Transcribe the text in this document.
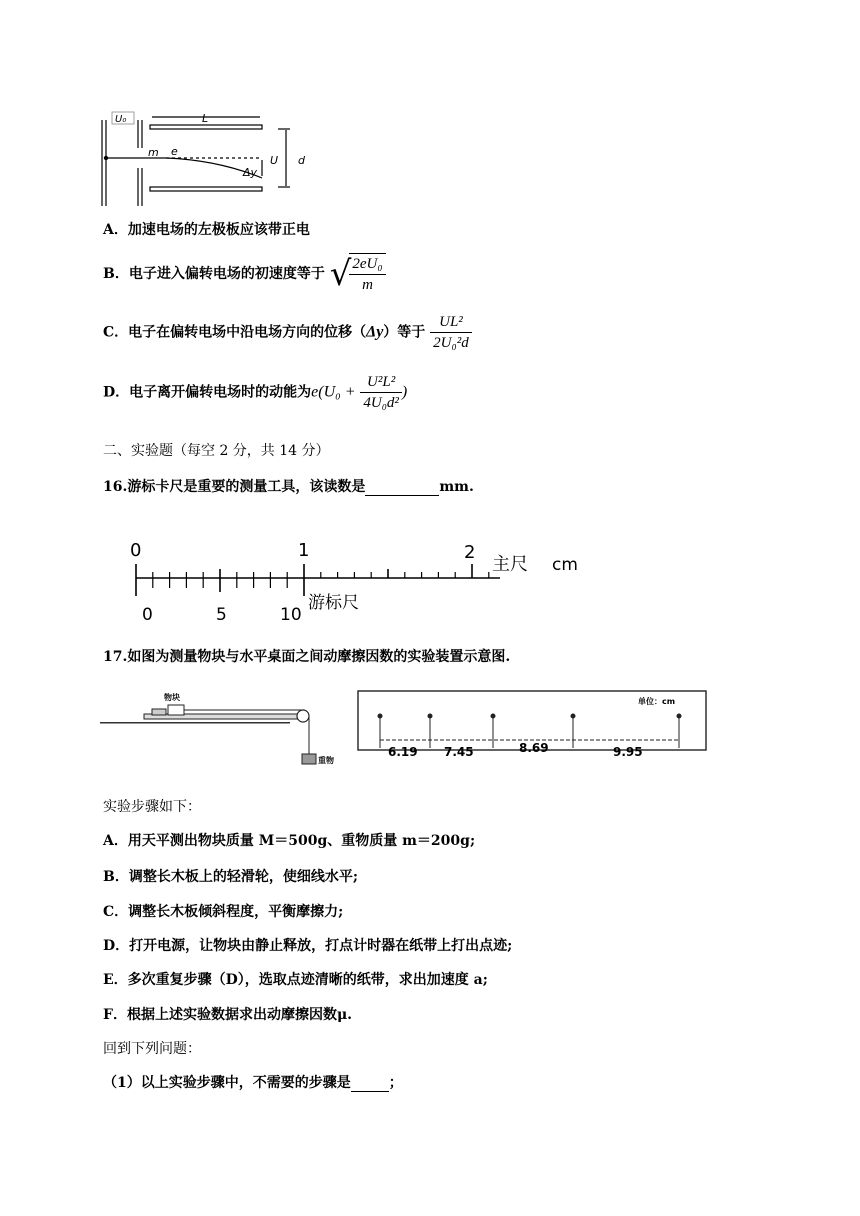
U₀	L
m e
U
Δy
d
A．加速电场的左极板应该带正电
B．电子进入偏转电场的初速度等于 √
$\frac{\text{2eU₀}}{m}$
C．电子在偏转电场中沿电场方向的位移（Δy）等于 $\frac{\text{UL²}}{\text{2U₀²d}}$
D．电子离开偏转电场时的动能为$e(U_0 + \frac{\text{U²L²}}{\text{4U₀d²}}$ )
二、实验题（每空 2 分，共 14 分）
16.游标卡尺是重要的测量工具，该读数是	mm.
0	1	2
主尺 cm
0	5	10
游标尺
17.如图为测量物块与水平桌面之间动摩擦因数的实验装置示意图.
物块
重物
单位：cm
6.19 7.45	8.69	9.95
实验步骤如下：
A．用天平测出物块质量 M＝500g、重物质量 m＝200g;
B．调整长木板上的轻滑轮，使细线水平;
C．调整长木板倾斜程度，平衡摩擦力;
D．打开电源，让物块由静止释放，打点计时器在纸带上打出点迹;
E．多次重复步骤（D），选取点迹清晰的纸带，求出加速度 a;
F．根据上述实验数据求出动摩擦因数μ.
回到下列问题：
（1）以上实验步骤中，不需要的步骤是	；
